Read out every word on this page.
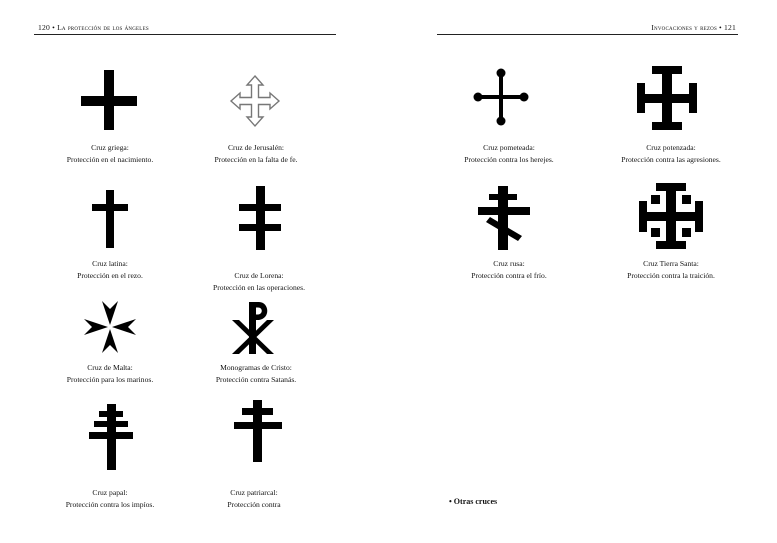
120 • La protección de los ángeles	Invocaciones y rezos • 121
Cruz griega:
Protección en el nacimiento.
Cruz de Jerusalén:
Protección en la falta de fe.
Cruz latina:
Protección en el rezo.	Cruz de Lorena:
Protección en las operaciones.
Cruz de Malta:
Protección para los marinos.
Monogramas de Cristo:
Protección contra Satanás.
Cruz papal:
Protección contra los impíos.
Cruz patriarcal:
Protección contra
Cruz pometeada:
Protección contra los herejes.
Cruz potenzada:
Protección contra las agresiones.
Cruz rusa:
Protección contra el frío.
Cruz Tierra Santa:
Protección contra la traición.
• Otras cruces
